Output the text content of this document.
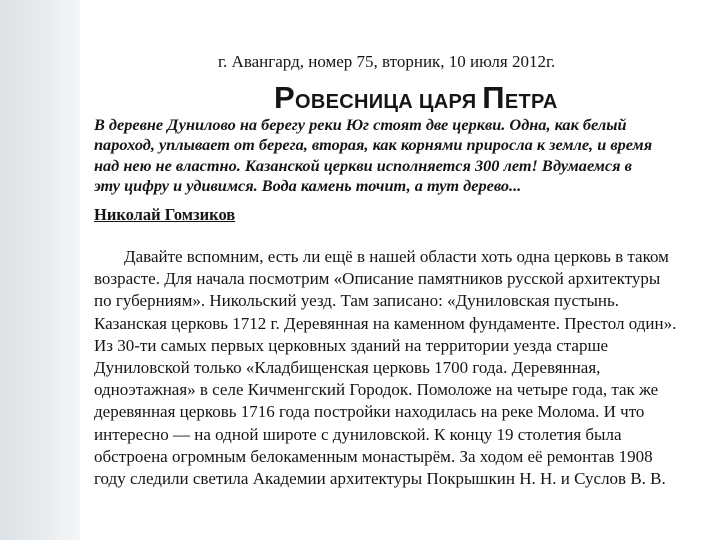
г. Авангард, номер 75, вторник, 10 июля 2012г.
РОВЕСНИЦА ЦАРЯ ПЕТРА
В деревне Дунилово на берегу реки Юг стоят две церкви. Одна, как белый
пароход, уплывает от берега, вторая, как корнями приросла к земле, и время
над нею не властно. Казанской церкви исполняется 300 лет! Вдумаемся в
эту цифру и удивимся. Вода камень точит, а тут дерево...
Николай Гомзиков
Давайте вспомним, есть ли ещё в нашей области хоть одна церковь в таком
возрасте. Для начала посмотрим «Описание памятников русской архитектуры
по губерниям». Никольский уезд. Там записано: «Дуниловская пустынь.
Казанская церковь 1712 г. Деревянная на каменном фундаменте. Престол один».
Из 30-ти самых первых церковных зданий на территории уезда старше
Дуниловской только «Кладбищенская церковь 1700 года. Деревянная,
одноэтажная» в селе Кичменгский Городок. Помоложе на четыре года, так же
деревянная церковь 1716 года постройки находилась на реке Молома. И что
интересно — на одной широте с дуниловской. К концу 19 столетия была
обстроена огромным белокаменным монастырём. За ходом её ремонтав 1908
году следили светила Академии архитектуры Покрышкин Н. Н. и Суслов В. В.
